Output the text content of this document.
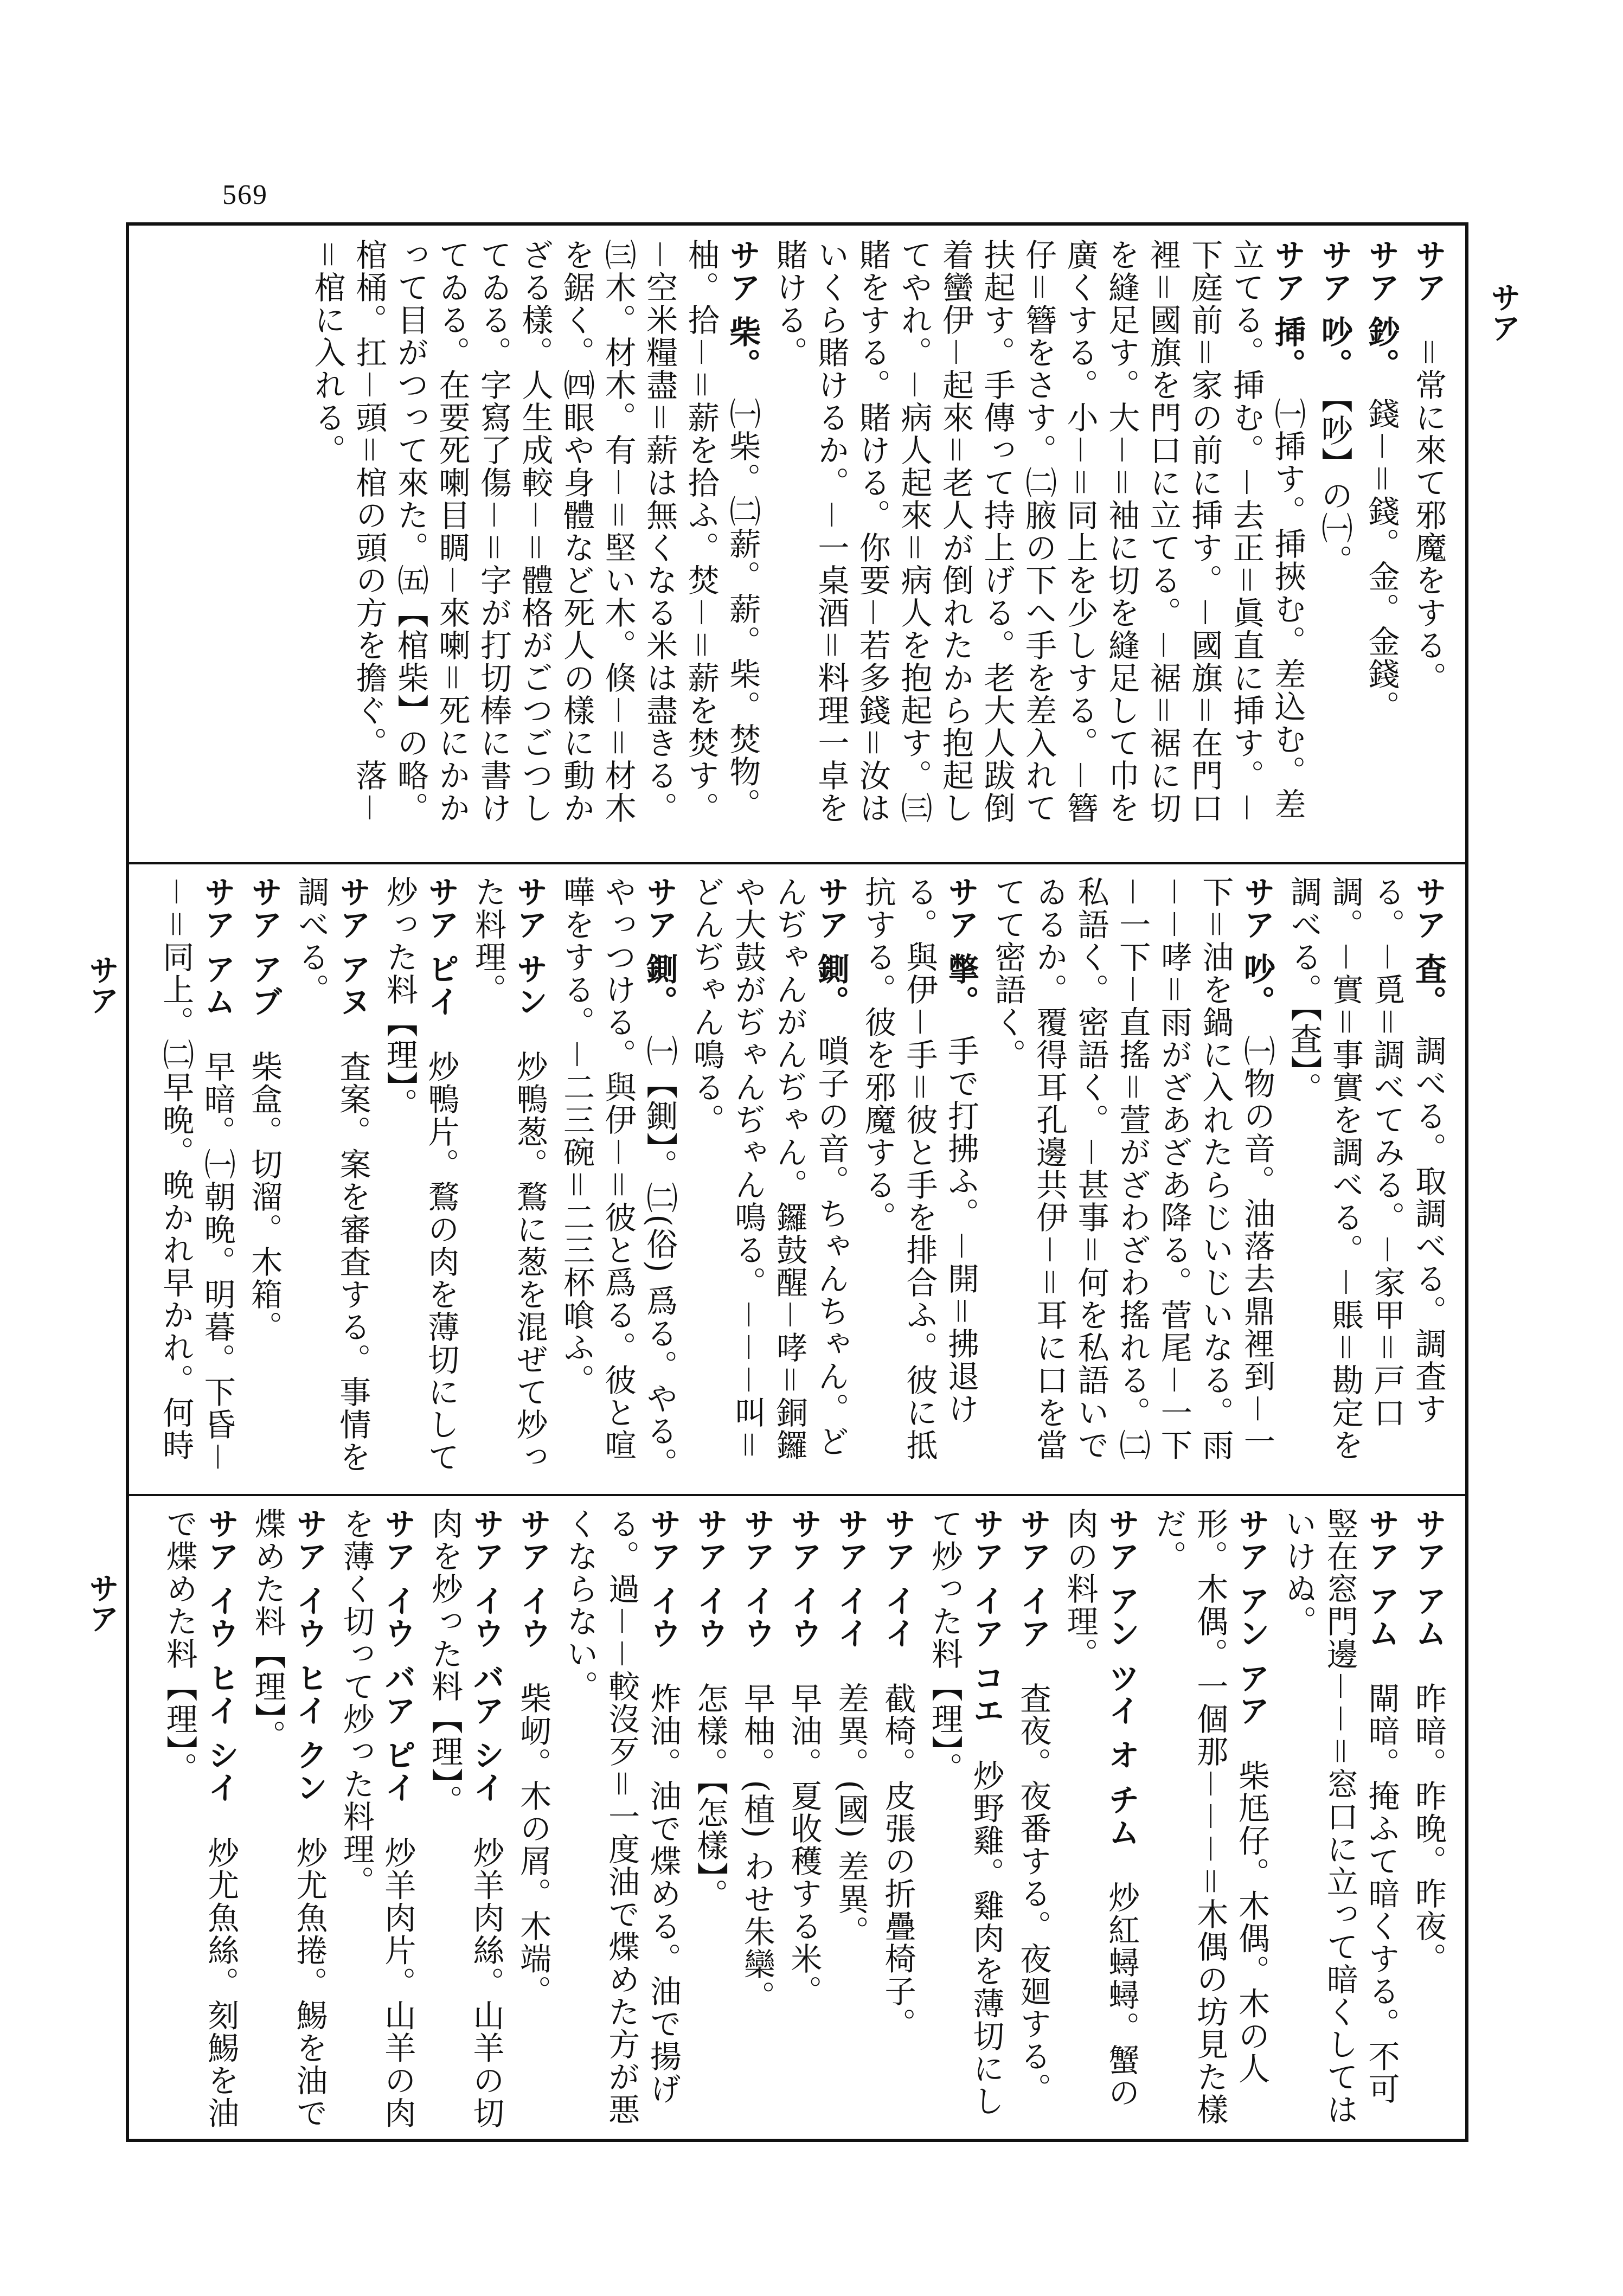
569
サア
サア
サア
サア　＝常に來て邪魔をする。
サア 鈔。　錢－＝錢。金。金錢。
サア 吵。　【吵】の㈠。
サア 揷。　㈠揷す。挿挾む。差込む。差立てる。挿む。－去正＝眞直に挿す。－下庭前＝家の前に挿す。－國旗＝在門口裡＝國旗を門口に立てる。－裾＝裾に切を縫足す。大－＝袖に切を縫足して巾を廣くする。小－＝同上を少しする。－簪仔＝簪をさす。㈡腋の下へ手を差入れて扶起す。手傳って持上げる。老大人跋倒着蠻伊－起來＝老人が倒れたから抱起してやれ。－病人起來＝病人を抱起す。㈢賭をする。賭ける。你要－若多錢＝汝はいくら賭けるか。－一桌酒＝料理一卓を賭ける。
サア 柴。　㈠柴。㈡薪。薪。柴。焚物。柚。拾－＝薪を拾ふ。焚－＝薪を焚す。－空米糧盡＝薪は無くなる米は盡きる。㈢木。材木。有－＝堅い木。倏－＝材木を鋸く。㈣眼や身體など死人の樣に動かざる樣。人生成較－＝體格がごつごつしてゐる。字寫了傷－＝字が打切棒に書けてゐる。在要死喇目睭－來喇＝死にかかって目がつって來た。㈤【棺柴】の略。棺桶。扛－頭＝棺の頭の方を擔ぐ。落－＝棺に入れる。
サア 査。　調べる。取調べる。調査する。－覓＝調べてみる。－家甲＝戸口調。－實＝事實を調べる。－賬＝勘定を調べる。【査】。
サア 吵。　㈠物の音。油落去鼎裡到－一下＝油を鍋に入れたらじいじいなる。雨－－哮＝雨がざあざあ降る。菅尾－一下－一下－直搖＝萱がざわざわ搖れる。㈡私語く。密語く。－甚事＝何を私語いでゐるか。覆得耳孔邊共伊－＝耳に口を當てて密語く。
サア 撆。　手で打拂ふ。－開＝拂退ける。與伊－手＝彼と手を排合ふ。彼に抵抗する。彼を邪魔する。
サア 鍘。　嗩子の音。ちゃんちゃん。どんぢゃんがんぢゃん。鑼鼓醒－哮＝銅鑼や大鼓がぢゃんぢゃん鳴る。－－－叫＝どんぢゃん鳴る。
サア 鍘。　㈠【鍘】。㈡(俗) 爲る。やる。やっつける。與伊－＝彼と爲る。彼と喧嘩をする。－二三碗＝二三杯喰ふ。
サア サン　炒鴨葱。鶩に葱を混ぜて炒った料理。
サア ピイ　炒鴨片。鶩の肉を薄切にして炒った料【理】。
サア アヌ　査案。案を審査する。事情を調べる。
サア アブ　柴盒。切溜。木箱。
サア アム　早暗。㈠朝晩。明暮。下昏－－＝同上。㈡早晩。晩かれ早かれ。何時
サア アム　昨暗。昨晚。昨夜。
サア アム　閘暗。掩ふて暗くする。不可竪在窓門邊－－＝窓口に立って暗くしてはいけぬ。
サア アン アア　柴尪仔。木偶。木の人形。木偶。一個那－－－＝木偶の坊見た樣だ。
サア アン ツイ オ チム　炒紅蟳蟳。蟹の肉の料理。
サア イア　査夜。夜番する。夜廻する。
サア イア コエ　炒野雞。雞肉を薄切にして炒った料【理】。
サア イイ　截椅。皮張の折疊椅子。
サア イイ　差異。(國) 差異。
サア イウ　早油。夏收穫する米。
サア イウ　早柚。(植) わせ朱欒。
サア イウ　怎樣。【怎樣】。
サア イウ　炸油。油で煠める。油で揚げる。過－－較沒歹＝一度油で煠めた方が悪くならない。
サア イウ　柴屻。木の屑。木端。
サア イウ バア シイ　炒羊肉絲。山羊の切肉を炒った料【理】。
サア イウ バア ピイ　炒羊肉片。山羊の肉を薄く切って炒った料理。
サア イウ ヒイ クン　炒尤魚捲。鯣を油で煠めた料【理】。
サア イウ ヒイ シイ　炒尤魚絲。刻鯣を油で煠めた料【理】。
